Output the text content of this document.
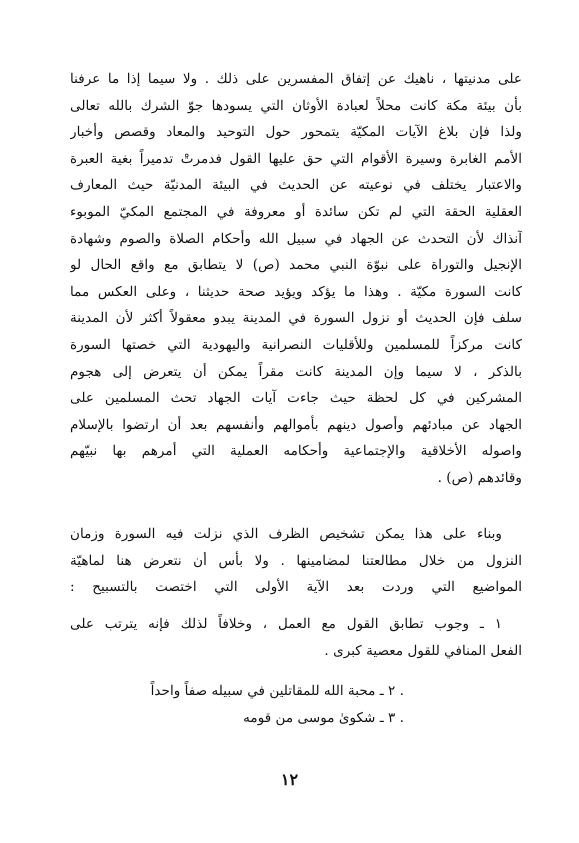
على مدنيتها ، ناهيك عن إتفاق المفسرين على ذلك . ولا سيما إذا ما عرفنا
بأن بيئة مكة كانت محلاً لعبادة الأوثان التي يسودها جوّ الشرك بالله تعالى
ولذا فإن بلاغ الآيات المكيّة يتمحور حول التوحيد والمعاد وقصص وأخبار
الأمم الغابرة وسيرة الأقوام التي حق عليها القول فدمرتْ تدميراً بغية العبرة
والاعتبار يختلف في نوعيته عن الحديث في البيئة المدنيّة حيث المعارف
العقلية الحقة التي لم تكن سائدة أو معروفة في المجتمع المكيّ الموبوء
آنذاك لأن التحدث عن الجهاد في سبيل الله وأحكام الصلاة والصوم وشهادة
الإنجيل والتوراة على نبوّة النبي محمد (ص) لا يتطابق مع واقع الحال لو
كانت السورة مكيّة . وهذا ما يؤكد ويؤيد صحة حديثنا ، وعلى العكس مما
سلف فإن الحديث أو نزول السورة في المدينة يبدو معقولاً أكثر لأن المدينة
كانت مركزاً للمسلمين وللأقليات النصرانية واليهودية التي خصتها السورة
بالذكر ، لا سيما وإن المدينة كانت مقراً يمكن أن يتعرض إلى هجوم
المشركين في كل لحظة حيث جاءت آيات الجهاد تحث المسلمين على
الجهاد عن مبادئهم وأصول دينهم بأموالهم وأنفسهم بعد أن ارتضوا بالإسلام
واصوله الأخلاقية والإجتماعية وأحكامه العملية التي أمرهم بها نبيّهم
وقائدهم (ص) .
وبناء على هذا يمكن تشخيص الظرف الذي نزلت فيه السورة وزمان
النزول من خلال مطالعتنا لمضامينها . ولا بأس أن نتعرض هنا لماهيّة
المواضيع التي وردت بعد الآية الأولى التي اختصت بالتسبيح :
١ ـ وجوب تطابق القول مع العمل ، وخلافاً لذلك فإنه يترتب على
الفعل المنافي للقول معصية كبرى .
٢ ـ محبة الله للمقاتلين في سبيله صفاً واحداً .
٣ ـ شكوىٰ موسى من قومه .
١٢
